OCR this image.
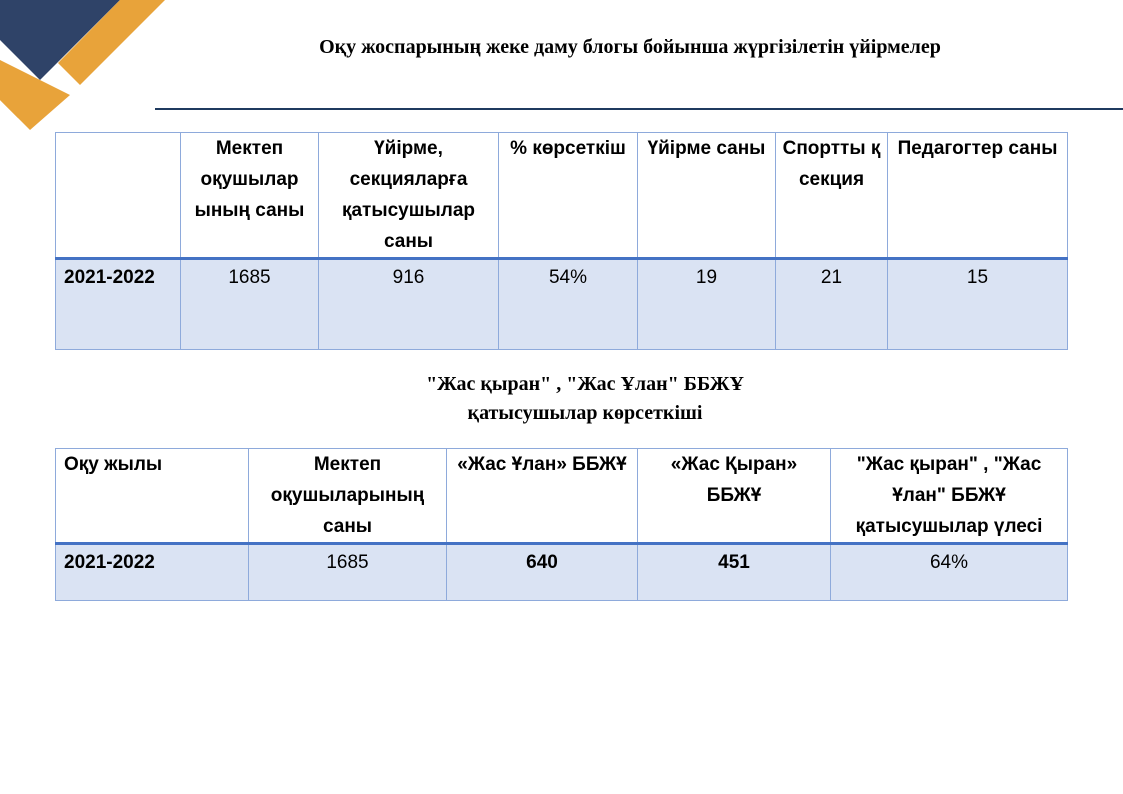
Оқу жоспарының жеке даму блогы бойынша жүргізілетін үйірмелер
	Мектеп оқушылар ының саны	Үйірме, секцияларға қатысушылар саны	% көрсеткіш	Үйірме саны	Спортты қ секция	Педагогтер саны
2021-2022	1685	916	54%	19	21	15
"Жас қыран" , "Жас Ұлан" ББЖҰ
қатысушылар көрсеткіші
Оқу жылы	Мектеп оқушыларының саны	«Жас Ұлан» ББЖҰ	«Жас Қыран» ББЖҰ	"Жас қыран" , "Жас Ұлан" ББЖҰ қатысушылар үлесі
2021-2022	1685	640	451	64%
